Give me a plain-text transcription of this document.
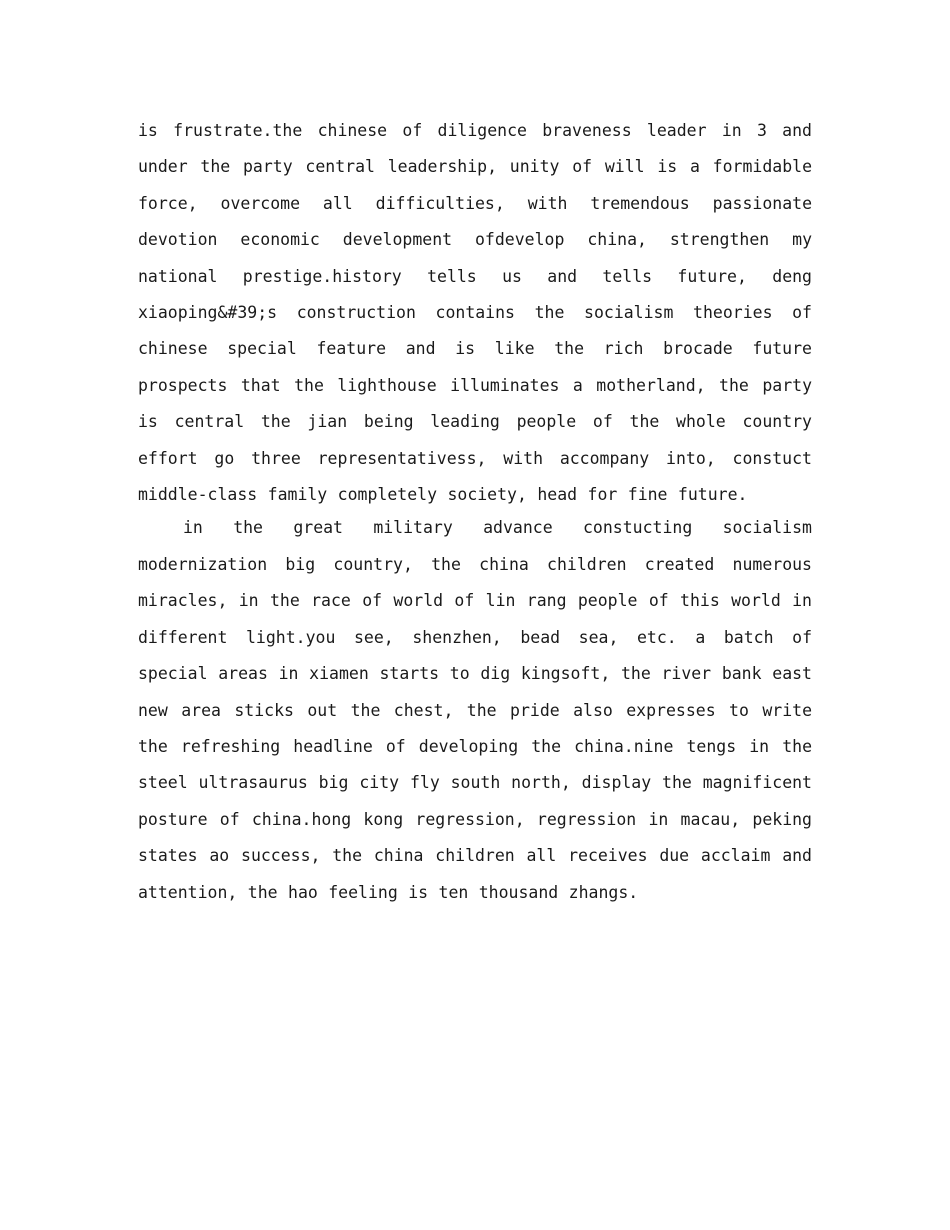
is frustrate.the chinese of diligence braveness leader in 3 and under the party central leadership, unity of will is a formidable force, overcome all difficulties, with tremendous passionate devotion economic development ofdevelop china, strengthen my national prestige.history tells us and tells future, deng xiaoping&#39;s construction contains the socialism theories of chinese special feature and is like the rich brocade future prospects that the lighthouse illuminates a motherland, the party is central the jian being leading people of the whole country effort go three representativess, with accompany into, constuct middle-class family completely society, head for fine future.

in the great military advance constucting socialism modernization big country, the china children created numerous miracles, in the race of world of lin rang people of this world in different light.you see, shenzhen, bead sea, etc. a batch of special areas in xiamen starts to dig kingsoft, the river bank east new area sticks out the chest, the pride also expresses to write the refreshing headline of developing the china.nine tengs in the steel ultrasaurus big city fly south north, display the magnificent posture of china.hong kong regression, regression in macau, peking states ao success, the china children all receives due acclaim and attention, the hao feeling is ten thousand zhangs.
